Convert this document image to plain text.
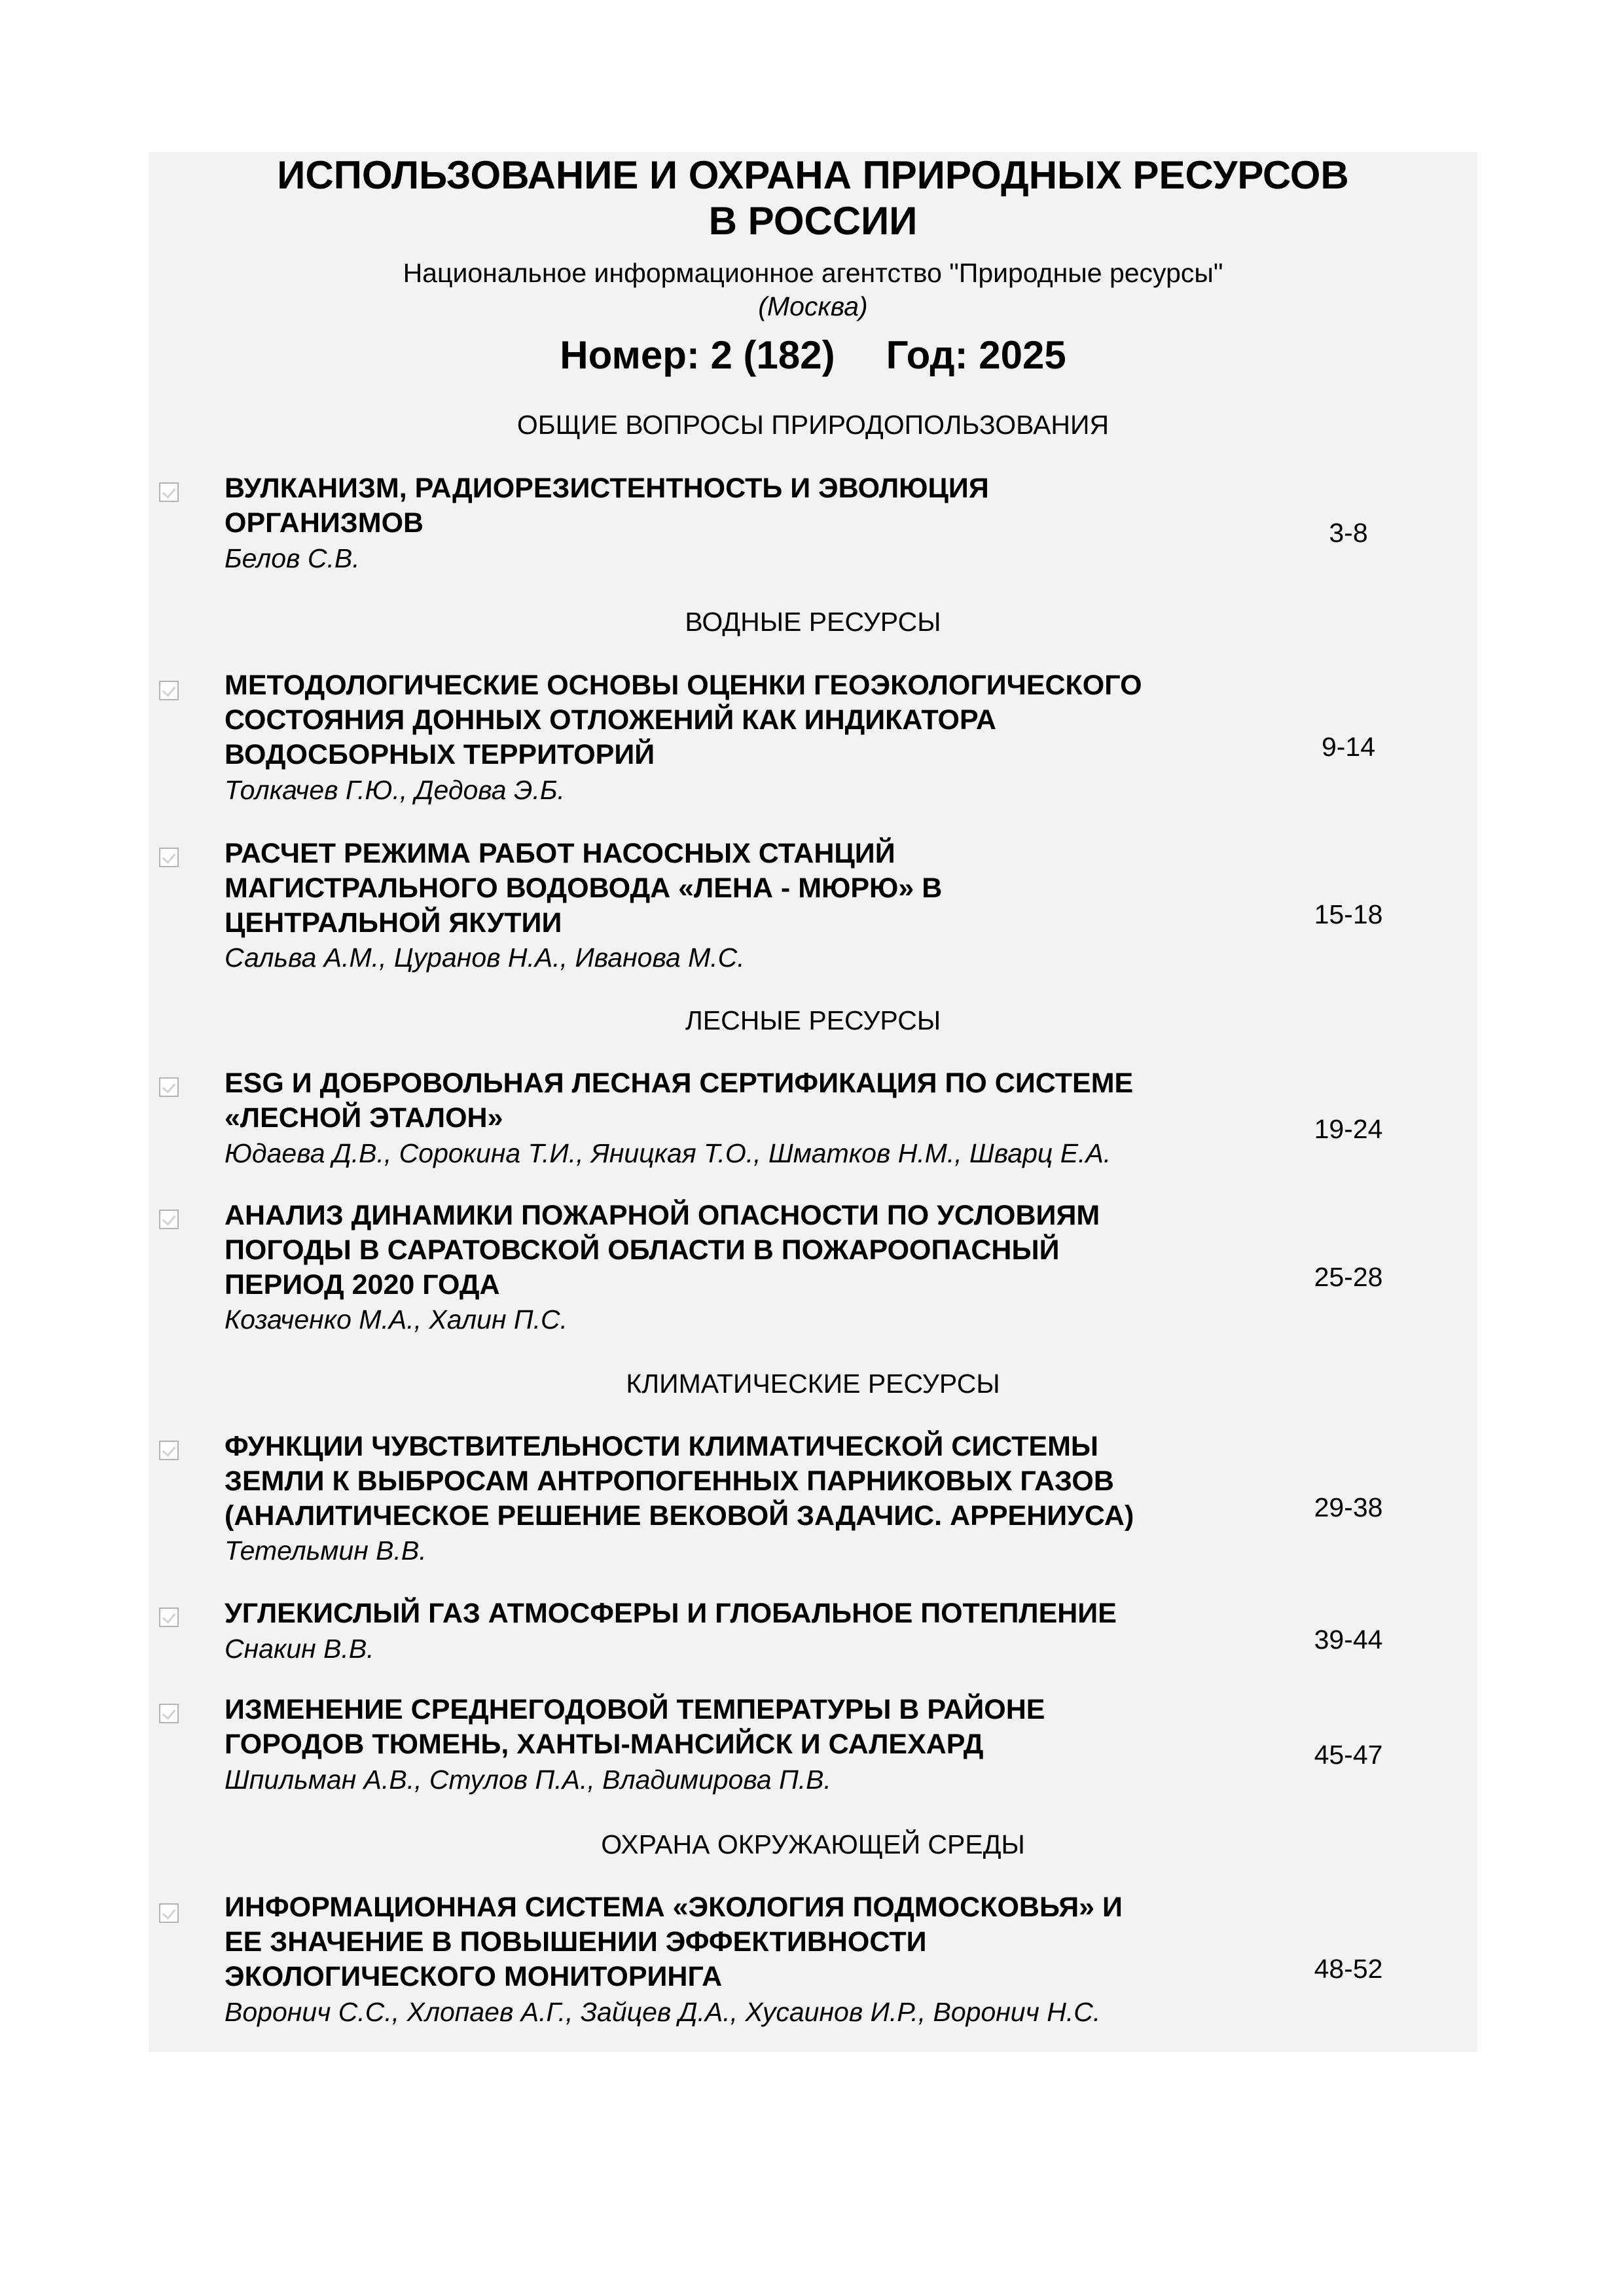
ИСПОЛЬЗОВАНИЕ И ОХРАНА ПРИРОДНЫХ РЕСУРСОВ
В РОССИИ
Национальное информационное агентство "Природные ресурсы"
(Москва)
Номер: 2 (182) Год: 2025
ОБЩИЕ ВОПРОСЫ ПРИРОДОПОЛЬЗОВАНИЯ
ВУЛКАНИЗМ, РАДИОРЕЗИСТЕНТНОСТЬ И ЭВОЛЮЦИЯ
ОРГАНИЗМОВ
Белов С.В.
3-8
ВОДНЫЕ РЕСУРСЫ
МЕТОДОЛОГИЧЕСКИЕ ОСНОВЫ ОЦЕНКИ ГЕОЭКОЛОГИЧЕСКОГО
СОСТОЯНИЯ ДОННЫХ ОТЛОЖЕНИЙ КАК ИНДИКАТОРА
ВОДОСБОРНЫХ ТЕРРИТОРИЙ
Толкачев Г.Ю., Дедова Э.Б.
9-14
РАСЧЕТ РЕЖИМА РАБОТ НАСОСНЫХ СТАНЦИЙ
МАГИСТРАЛЬНОГО ВОДОВОДА «ЛЕНА - МЮРЮ» В
ЦЕНТРАЛЬНОЙ ЯКУТИИ
Сальва А.М., Цуранов Н.А., Иванова М.С.
15-18
ЛЕСНЫЕ РЕСУРСЫ
ESG И ДОБРОВОЛЬНАЯ ЛЕСНАЯ СЕРТИФИКАЦИЯ ПО СИСТЕМЕ
«ЛЕСНОЙ ЭТАЛОН»
Юдаева Д.В., Сорокина Т.И., Яницкая Т.О., Шматков Н.М., Шварц Е.А.
19-24
АНАЛИЗ ДИНАМИКИ ПОЖАРНОЙ ОПАСНОСТИ ПО УСЛОВИЯМ
ПОГОДЫ В САРАТОВСКОЙ ОБЛАСТИ В ПОЖАРООПАСНЫЙ
ПЕРИОД 2020 ГОДА
Козаченко М.А., Халин П.С.
25-28
КЛИМАТИЧЕСКИЕ РЕСУРСЫ
ФУНКЦИИ ЧУВСТВИТЕЛЬНОСТИ КЛИМАТИЧЕСКОЙ СИСТЕМЫ
ЗЕМЛИ К ВЫБРОСАМ АНТРОПОГЕННЫХ ПАРНИКОВЫХ ГАЗОВ
(АНАЛИТИЧЕСКОЕ РЕШЕНИЕ ВЕКОВОЙ ЗАДАЧИС. АРРЕНИУСА)
Тетельмин В.В.
29-38
УГЛЕКИСЛЫЙ ГАЗ АТМОСФЕРЫ И ГЛОБАЛЬНОЕ ПОТЕПЛЕНИЕ
Снакин В.В.	39-44
ИЗМЕНЕНИЕ СРЕДНЕГОДОВОЙ ТЕМПЕРАТУРЫ В РАЙОНЕ
ГОРОДОВ ТЮМЕНЬ, ХАНТЫ-МАНСИЙСК И САЛЕХАРД
Шпильман А.В., Стулов П.А., Владимирова П.В.
45-47
ОХРАНА ОКРУЖАЮЩЕЙ СРЕДЫ
ИНФОРМАЦИОННАЯ СИСТЕМА «ЭКОЛОГИЯ ПОДМОСКОВЬЯ» И
ЕЕ ЗНАЧЕНИЕ В ПОВЫШЕНИИ ЭФФЕКТИВНОСТИ
ЭКОЛОГИЧЕСКОГО МОНИТОРИНГА
Воронич С.С., Хлопаев А.Г., Зайцев Д.А., Хусаинов И.Р., Воронич Н.С.
48-52
